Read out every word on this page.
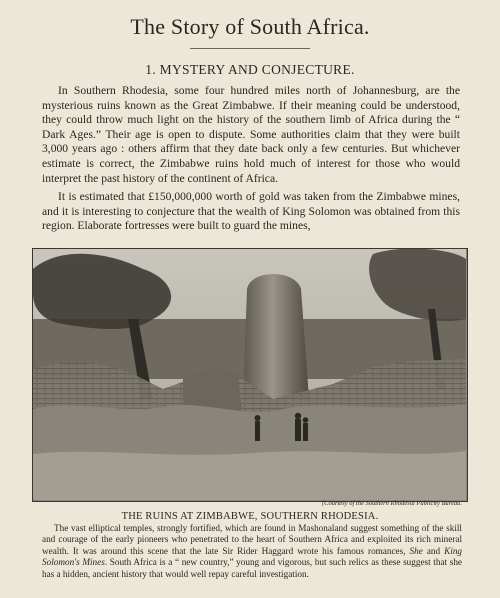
The Story of South Africa.
1. MYSTERY AND CONJECTURE.

In Southern Rhodesia, some four hundred miles north of Johannesburg, are the mysterious ruins known as the Great Zimbabwe. If their meaning could be understood, they could throw much light on the history of the southern limb of Africa during the “ Dark Ages.” Their age is open to dispute. Some authorities claim that they were built 3,000 years ago : others affirm that they date back only a few centuries. But whichever estimate is correct, the Zimbabwe ruins hold much of interest for those who would interpret the past history of the continent of Africa.

It is estimated that £150,000,000 worth of gold was taken from the Zimbabwe mines, and it is interesting to conjecture that the wealth of King Solomon was obtained from this region. Elaborate fortresses were built to guard the mines,

[Courtesy of the Southern Rhodesia Publicity Bureau.
THE RUINS AT ZIMBABWE, SOUTHERN RHODESIA.

The vast elliptical temples, strongly fortified, which are found in Mashonaland suggest something of the skill and courage of the early pioneers who penetrated to the heart of Southern Africa and exploited its rich mineral wealth. It was around this scene that the late Sir Rider Haggard wrote his famous romances, She and King Solomon's Mines. South Africa is a “ new country,” young and vigorous, but such relics as these suggest that she has a hidden, ancient history that would well repay careful investigation.
